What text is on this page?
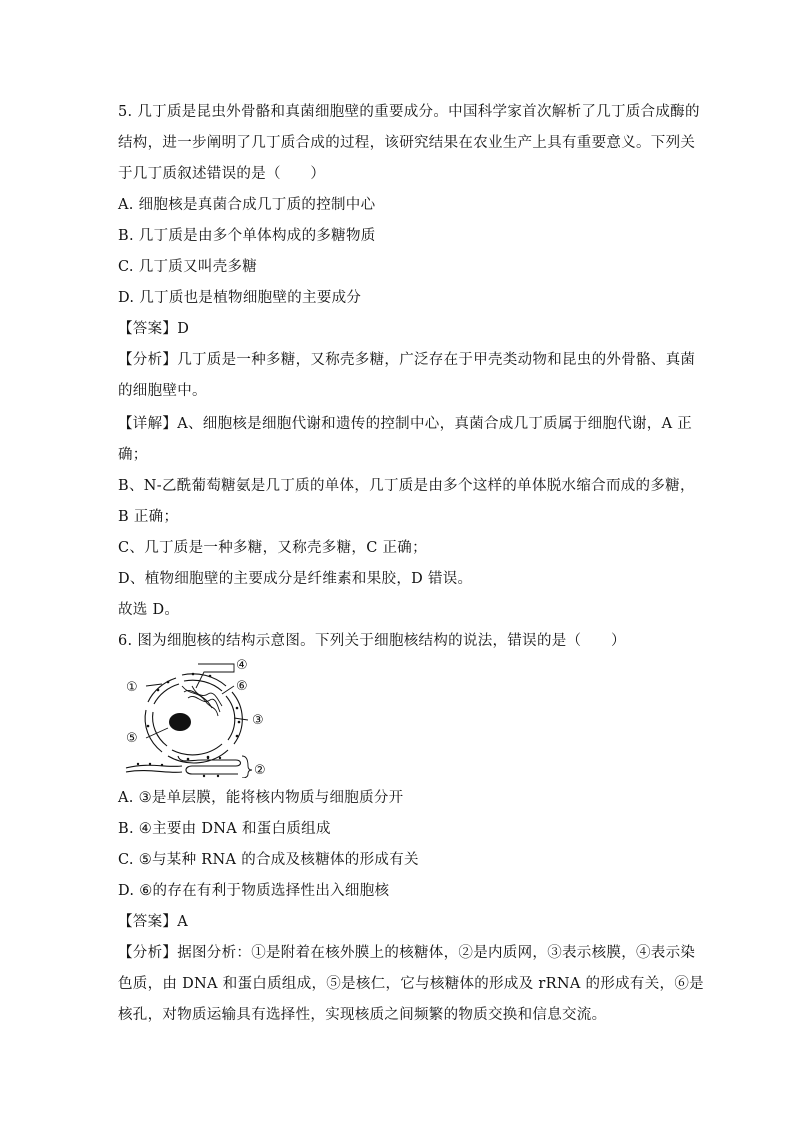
5. 几丁质是昆虫外骨骼和真菌细胞壁的重要成分。中国科学家首次解析了几丁质合成酶的
结构，进一步阐明了几丁质合成的过程，该研究结果在农业生产上具有重要意义。下列关
于几丁质叙述错误的是（　　）
A. 细胞核是真菌合成几丁质的控制中心
B. 几丁质是由多个单体构成的多糖物质
C. 几丁质又叫壳多糖
D. 几丁质也是植物细胞壁的主要成分
【答案】D
【分析】几丁质是一种多糖，又称壳多糖，广泛存在于甲壳类动物和昆虫的外骨骼、真菌
的细胞壁中。
【详解】A、细胞核是细胞代谢和遗传的控制中心，真菌合成几丁质属于细胞代谢，A 正
确；
B、N-乙酰葡萄糖氨是几丁质的单体，几丁质是由多个这样的单体脱水缩合而成的多糖，
B 正确；
C、几丁质是一种多糖，又称壳多糖，C 正确；
D、植物细胞壁的主要成分是纤维素和果胶，D 错误。
故选 D。
6. 图为细胞核的结构示意图。下列关于细胞核结构的说法，错误的是（　　）
①
④
⑥
③
⑤
②
A. ③是单层膜，能将核内物质与细胞质分开
B. ④主要由 DNA 和蛋白质组成
C. ⑤与某种 RNA 的合成及核糖体的形成有关
D. ⑥的存在有利于物质选择性出入细胞核
【答案】A
【分析】据图分析：①是附着在核外膜上的核糖体，②是内质网，③表示核膜，④表示染
色质，由 DNA 和蛋白质组成，⑤是核仁，它与核糖体的形成及 rRNA 的形成有关，⑥是
核孔，对物质运输具有选择性，实现核质之间频繁的物质交换和信息交流。
